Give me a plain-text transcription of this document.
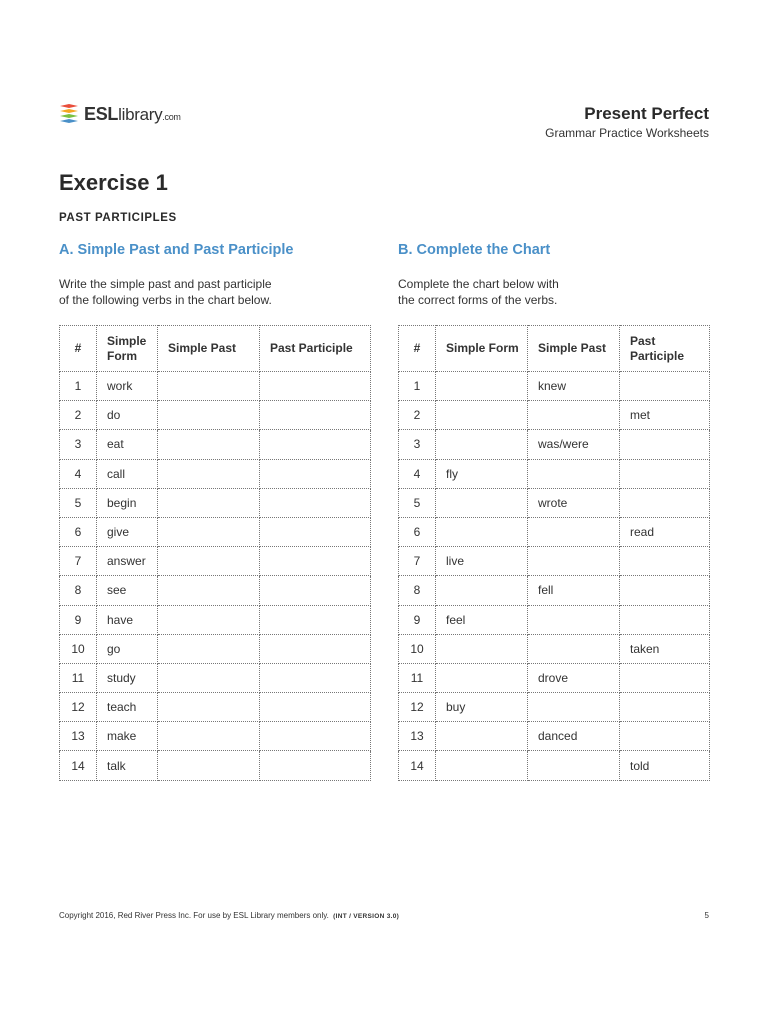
ESLlibrary.com	Present Perfect
Grammar Practice Worksheets
Exercise 1
PAST PARTICIPLES
A. Simple Past and Past Participle

Write the simple past and past participle
of the following verbs in the chart below.

#	Simple Form	Simple Past	Past Participle
1	work		
2	do		
3	eat		
4	call		
5	begin		
6	give		
7	answer		
8	see		
9	have		
10	go		
11	study		
12	teach		
13	make		
14	talk		
B. Complete the Chart

Complete the chart below with
the correct forms of the verbs.

#	Simple Form	Simple Past	Past Participle
1		knew	
2			met
3		was/were	
4	fly		
5		wrote	
6			read
7	live		
8		fell	
9	feel		
10			taken
11		drove	
12	buy		
13		danced	
14			told
Copyright 2016, Red River Press Inc. For use by ESL Library members only. (INT / VERSION 3.0)	5
